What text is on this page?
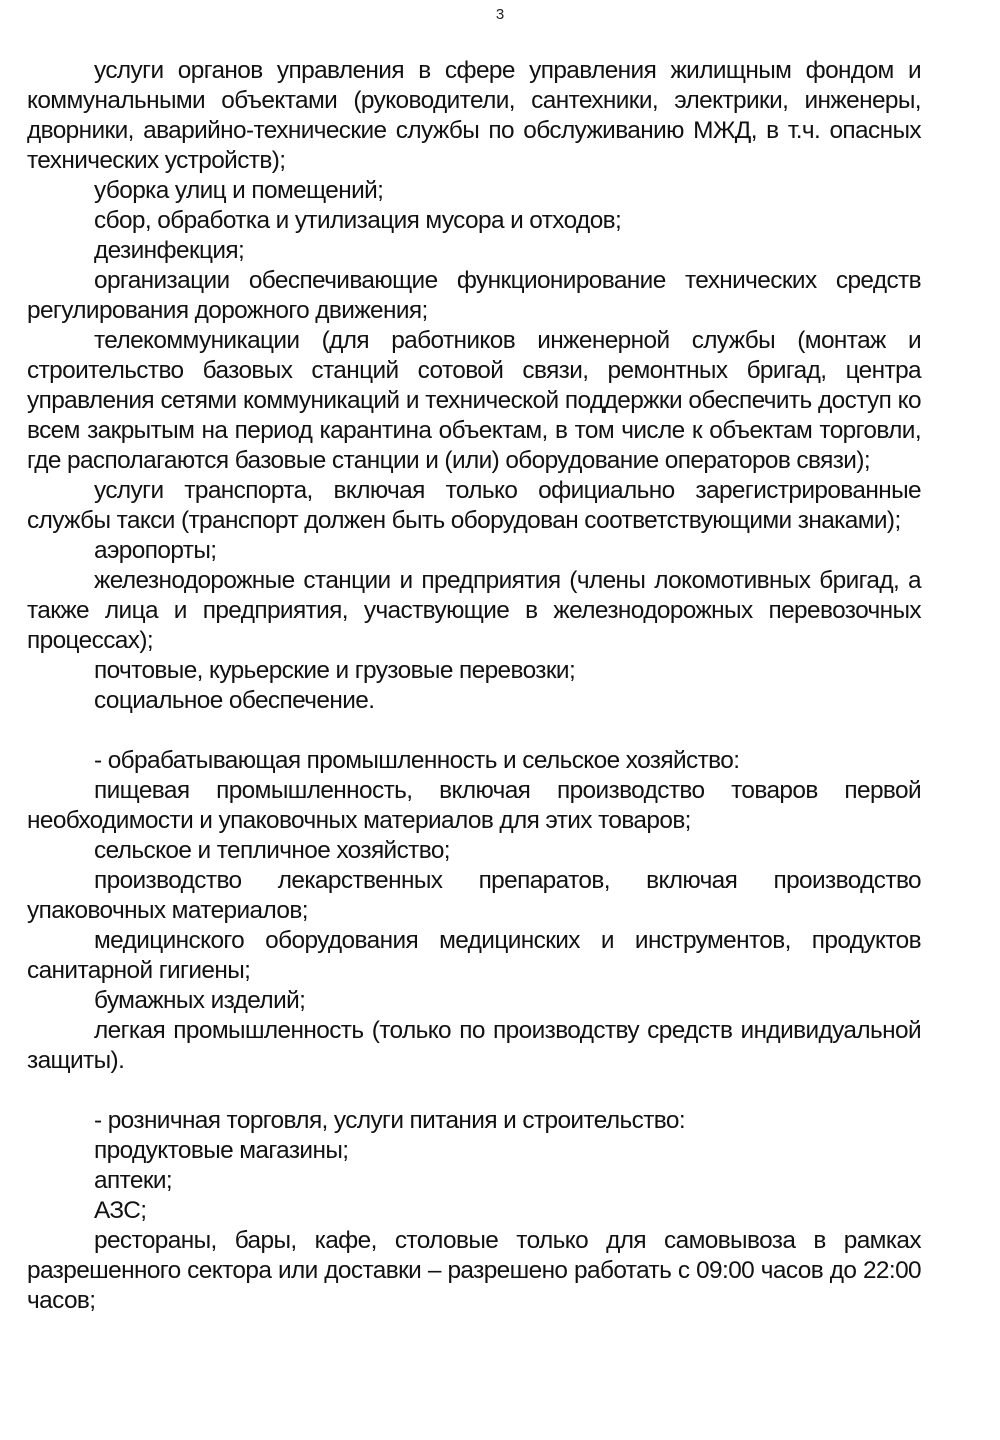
3

услуги органов управления в сфере управления жилищным фондом и коммунальными объектами (руководители, сантехники, электрики, инженеры, дворники, аварийно-технические службы по обслуживанию МЖД, в т.ч. опасных технических устройств);

уборка улиц и помещений;

сбор, обработка и утилизация мусора и отходов;

дезинфекция;

организации обеспечивающие функционирование технических средств регулирования дорожного движения;

телекоммуникации (для работников инженерной службы (монтаж и строительство базовых станций сотовой связи, ремонтных бригад, центра управления сетями коммуникаций и технической поддержки обеспечить доступ ко всем закрытым на период карантина объектам, в том числе к объектам торговли, где располагаются базовые станции и (или) оборудование операторов связи);

услуги транспорта, включая только официально зарегистрированные службы такси (транспорт должен быть оборудован соответствующими знаками);

аэропорты;

железнодорожные станции и предприятия (члены локомотивных бригад, а также лица и предприятия, участвующие в железнодорожных перевозочных процессах);

почтовые, курьерские и грузовые перевозки;

социальное обеспечение.

- обрабатывающая промышленность и сельское хозяйство:

пищевая промышленность, включая производство товаров первой необходимости и упаковочных материалов для этих товаров;

сельское и тепличное хозяйство;

производство лекарственных препаратов, включая производство упаковочных материалов;

медицинского оборудования медицинских и инструментов, продуктов санитарной гигиены;

бумажных изделий;

легкая промышленность (только по производству средств индивидуальной защиты).

- розничная торговля, услуги питания и строительство:

продуктовые магазины;

аптеки;

АЗС;

рестораны, бары, кафе, столовые только для самовывоза в рамках разрешенного сектора или доставки – разрешено работать с 09:00 часов до 22:00 часов;
